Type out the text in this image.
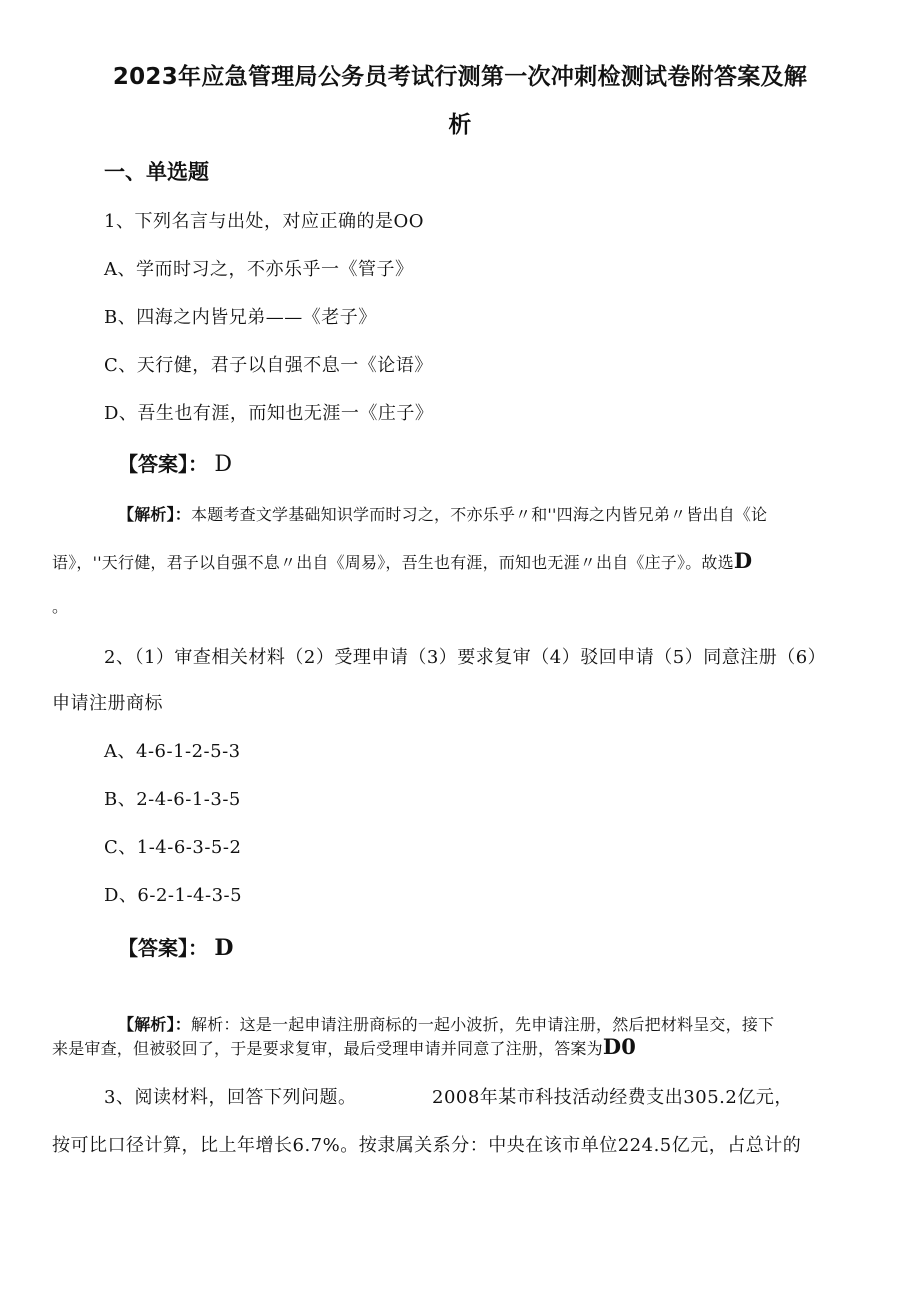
2023年应急管理局公务员考试行测第一次冲刺检测试卷附答案及解
析
一、单选题
1、下列名言与出处，对应正确的是OO
A、学而时习之，不亦乐乎一《管子》
B、四海之内皆兄弟——《老子》
C、天行健，君子以自强不息一《论语》
D、吾生也有涯，而知也无涯一《庄子》
【答案】： D
【解析】：本题考查文学基础知识学而时习之，不亦乐乎〃和''四海之内皆兄弟〃皆出自《论
语》，''天行健，君子以自强不息〃出自《周易》，吾生也有涯，而知也无涯〃出自《庄子》。故选D
。
2、（1）审查相关材料（2）受理申请（3）要求复审（4）驳回申请（5）同意注册（6）
申请注册商标
A、4-6-1-2-5-3
B、2-4-6-1-3-5
C、1-4-6-3-5-2
D、6-2-1-4-3-5
【答案】： D
【解析】：解析：这是一起申请注册商标的一起小波折，先申请注册，然后把材料呈交，接下
来是审查，但被驳回了，于是要求复审，最后受理申请并同意了注册，答案为D0
3、阅读材料，回答下列问题。	2008年某市科技活动经费支出305.2亿元，
按可比口径计算，比上年增长6.7%。按隶属关系分：中央在该市单位224.5亿元，占总计的
